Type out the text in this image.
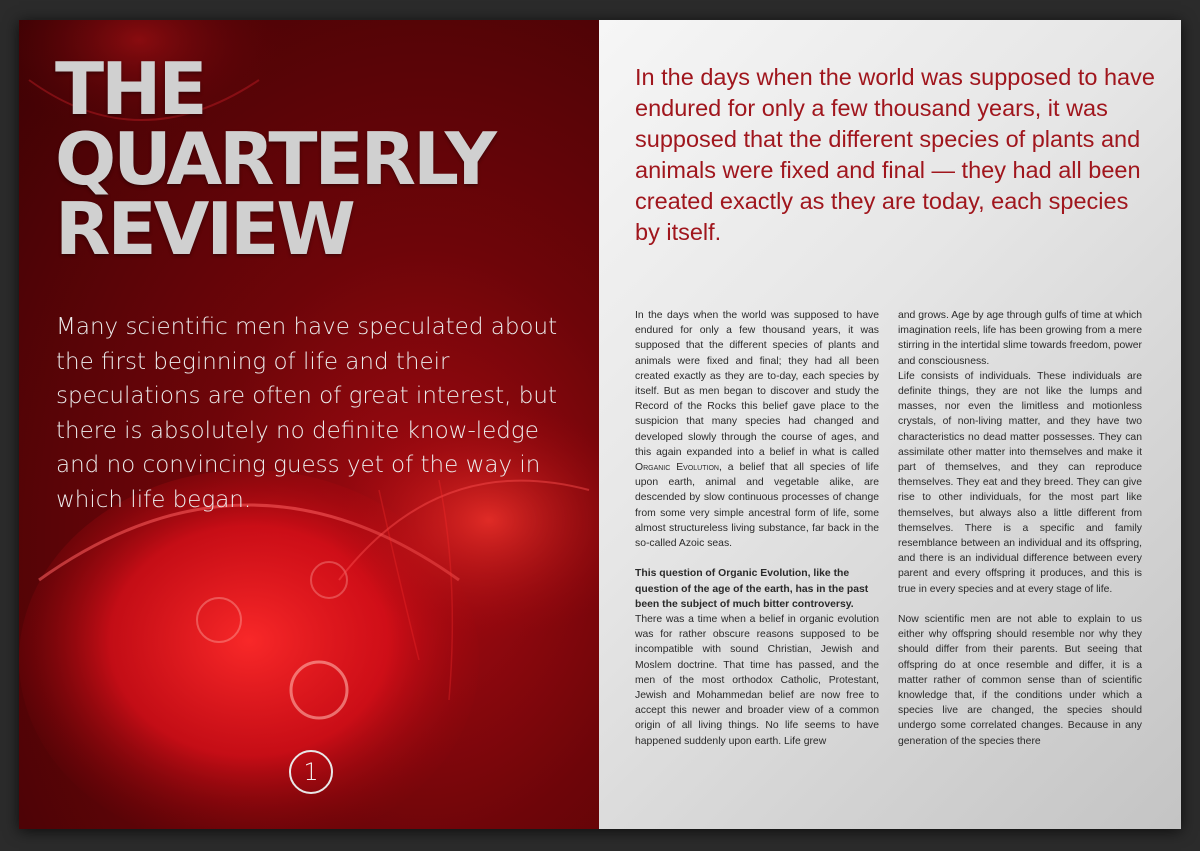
THE
QUARTERLY
REVIEW

Many scientific men have speculated about the first beginning of life and their speculations are often of great interest, but there is absolutely no definite know-ledge and no convincing guess yet of the way in which life began.

1

In the days when the world was supposed to have endured for only a few thousand years, it was supposed that the different species of plants and animals were fixed and final — they had all been created exactly as they are today, each species by itself.

In the days when the world was supposed to have endured for only a few thousand years, it was supposed that the different species of plants and animals were fixed and final; they had all been created exactly as they are to-day, each species by itself. But as men began to discover and study the Record of the Rocks this belief gave place to the suspicion that many species had changed and developed slowly through the course of ages, and this again expanded into a belief in what is called Organic Evolution, a belief that all species of life upon earth, animal and vegetable alike, are descended by slow continuous processes of change from some very simple ancestral form of life, some almost structureless living substance, far back in the so-called Azoic seas.

This question of Organic Evolution, like the question of the age of the earth, has in the past been the subject of much bitter controversy.

There was a time when a belief in organic evolution was for rather obscure reasons supposed to be incompatible with sound Christian, Jewish and Moslem doctrine. That time has passed, and the men of the most orthodox Catholic, Protestant, Jewish and Mohammedan belief are now free to accept this newer and broader view of a common origin of all living things. No life seems to have happened suddenly upon earth. Life grew

and grows. Age by age through gulfs of time at which imagination reels, life has been growing from a mere stirring in the intertidal slime towards freedom, power and consciousness.

Life consists of individuals. These individuals are definite things, they are not like the lumps and masses, nor even the limitless and motionless crystals, of non-living matter, and they have two characteristics no dead matter possesses. They can assimilate other matter into themselves and make it part of themselves, and they can reproduce themselves. They eat and they breed. They can give rise to other individuals, for the most part like themselves, but always also a little different from themselves. There is a specific and family resemblance between an individual and its offspring, and there is an individual difference between every parent and every offspring it produces, and this is true in every species and at every stage of life.

Now scientific men are not able to explain to us either why offspring should resemble nor why they should differ from their parents. But seeing that offspring do at once resemble and differ, it is a matter rather of common sense than of scientific knowledge that, if the conditions under which a species live are changed, the species should undergo some correlated changes. Because in any generation of the species there
